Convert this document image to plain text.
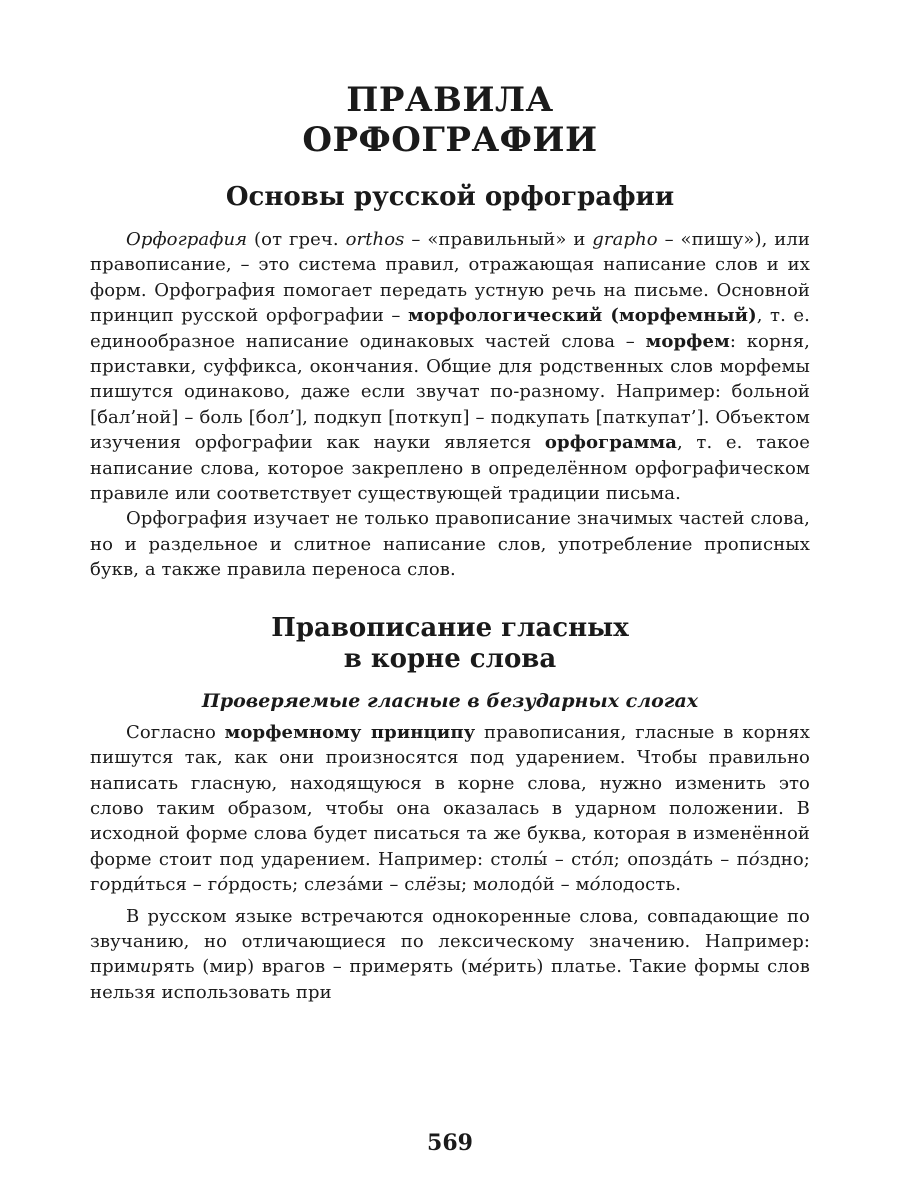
ПРАВИЛА
ОРФОГРАФИИ
Основы русской орфографии

Орфография (от греч. orthos – «правильный» и grapho – «пишу»), или правописание, – это система правил, отражающая написание слов и их форм. Орфография помогает передать устную речь на письме. Основной принцип русской орфографии – морфологический (морфемный), т. е. единообразное написание одинаковых частей слова – морфем: корня, приставки, суффикса, окончания. Общие для родственных слов морфемы пишутся одинаково, даже если звучат по-разному. Например: больной [бал’ной] – боль [бол’], подкуп [поткуп] – подкупать [паткупат’]. Объектом изучения орфографии как науки является орфограмма, т. е. такое написание слова, которое закреплено в определённом орфографическом правиле или соответствует существующей традиции письма.

Орфография изучает не только правописание значимых частей слова, но и раздельное и слитное написание слов, употребление прописных букв, а также правила переноса слов.

Правописание гласных
в корне слова
Проверяемые гласные в безударных слогах

Согласно морфемному принципу правописания, гласные в корнях пишутся так, как они произносятся под ударением. Чтобы правильно написать гласную, находящуюся в корне слова, нужно изменить это слово таким образом, чтобы она оказалась в ударном положении. В исходной форме слова будет писаться та же буква, которая в изменённой форме стоит под ударением. Например: столы́ – сто́л; опозда́ть – по́здно; горди́ться – го́рдость; слеза́ми – слёзы; молодо́й – мо́лодость.

В русском языке встречаются однокоренные слова, совпадающие по звучанию, но отличающиеся по лексическому значению. Например: примирять (мир) врагов – примерять (ме́рить) платье. Такие формы слов нельзя использовать при

569
